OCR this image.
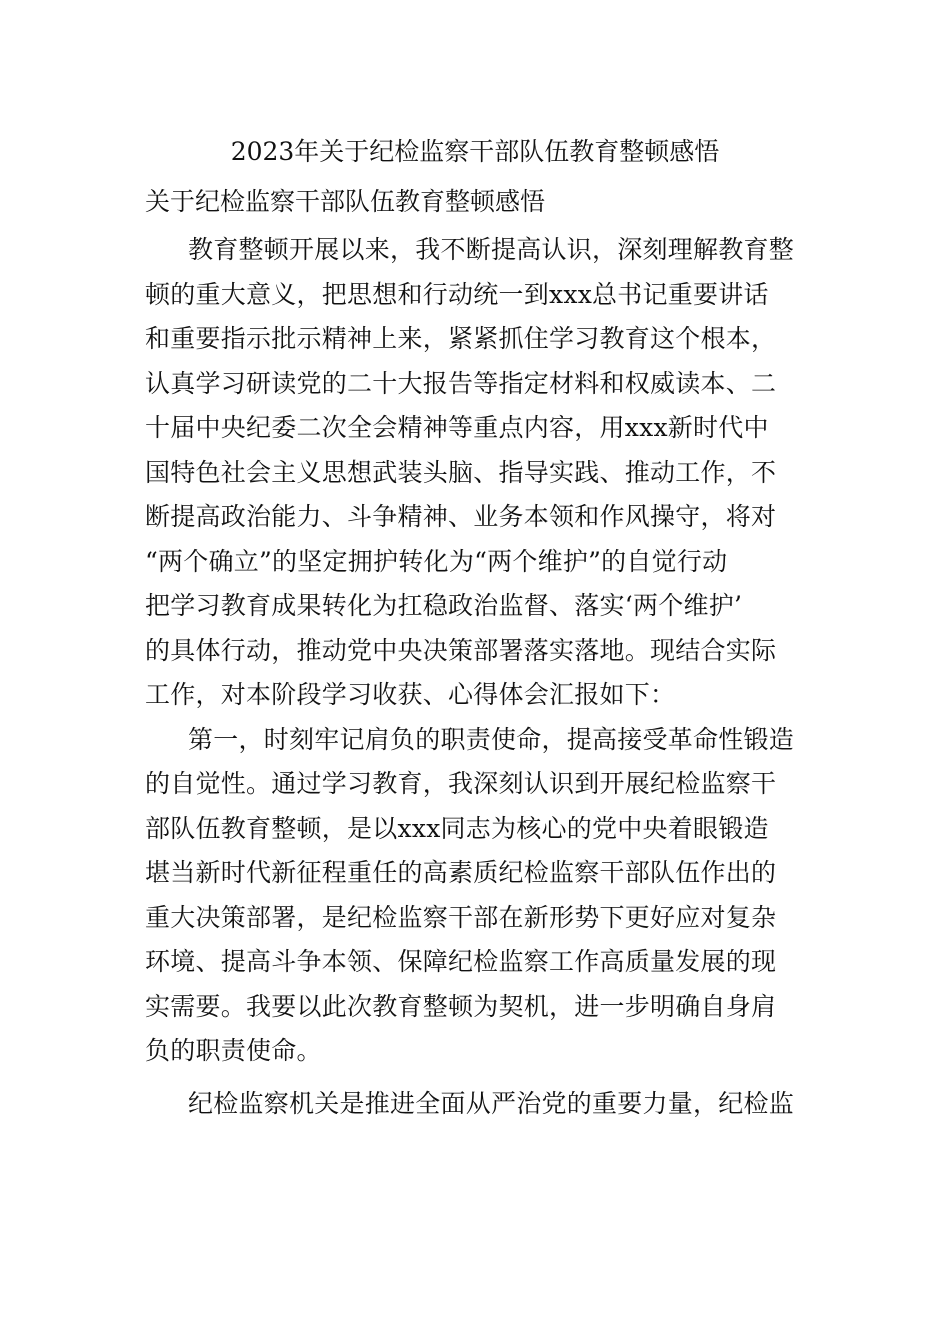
2023年关于纪检监察干部队伍教育整顿感悟
关于纪检监察干部队伍教育整顿感悟

教育整顿开展以来，我不断提高认识，深刻理解教育整
顿的重大意义，把思想和行动统一到xxx总书记重要讲话
和重要指示批示精神上来，紧紧抓住学习教育这个根本，
认真学习研读党的二十大报告等指定材料和权威读本、二
十届中央纪委二次全会精神等重点内容，用xxx新时代中
国特色社会主义思想武装头脑、指导实践、推动工作，不
断提高政治能力、斗争精神、业务本领和作风操守，将对
“两个确立”的坚定拥护转化为“两个维护”的自觉行动
把学习教育成果转化为扛稳政治监督、落实‘两个维护’
的具体行动，推动党中央决策部署落实落地。现结合实际
工作，对本阶段学习收获、心得体会汇报如下：

第一，时刻牢记肩负的职责使命，提高接受革命性锻造
的自觉性。通过学习教育，我深刻认识到开展纪检监察干
部队伍教育整顿，是以xxx同志为核心的党中央着眼锻造
堪当新时代新征程重任的高素质纪检监察干部队伍作出的
重大决策部署，是纪检监察干部在新形势下更好应对复杂
环境、提高斗争本领、保障纪检监察工作高质量发展的现
实需要。我要以此次教育整顿为契机，进一步明确自身肩
负的职责使命。

纪检监察机关是推进全面从严治党的重要力量，纪检监
